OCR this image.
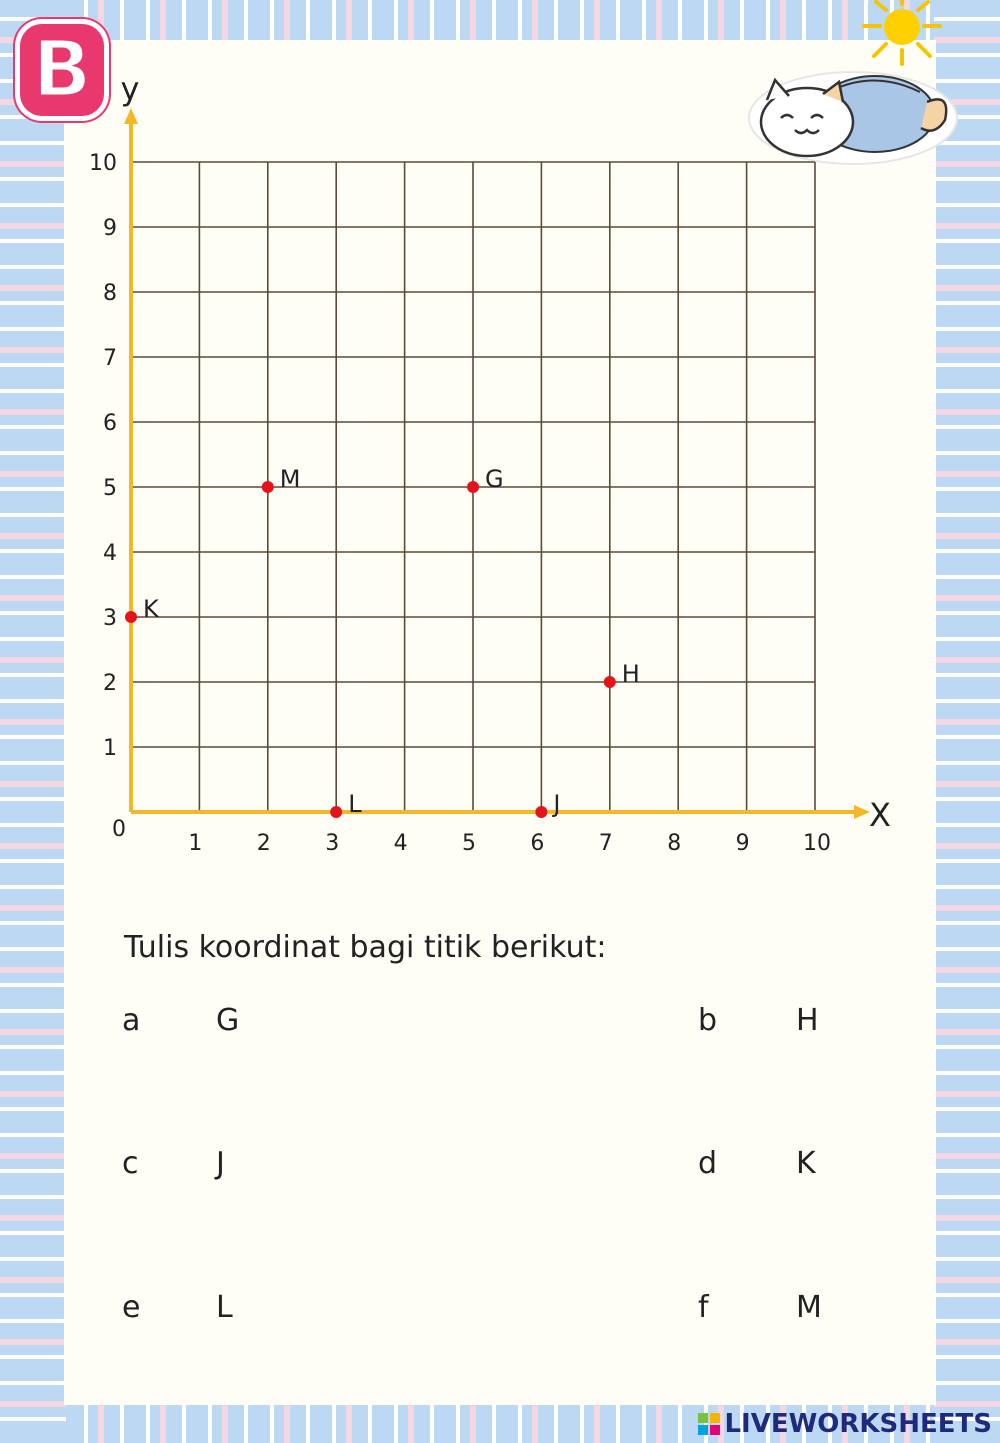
B
X
y
0
1 2 3 4 5 6 7 8 9 10
1
2
3
4
5
6
7
8
9
10
M	G
K
H
L	J
Tulis koordinat bagi titik berikut:
a	G	b	H
c	J	d	K
e	L	f	M
LIVEWORKSHEETS
